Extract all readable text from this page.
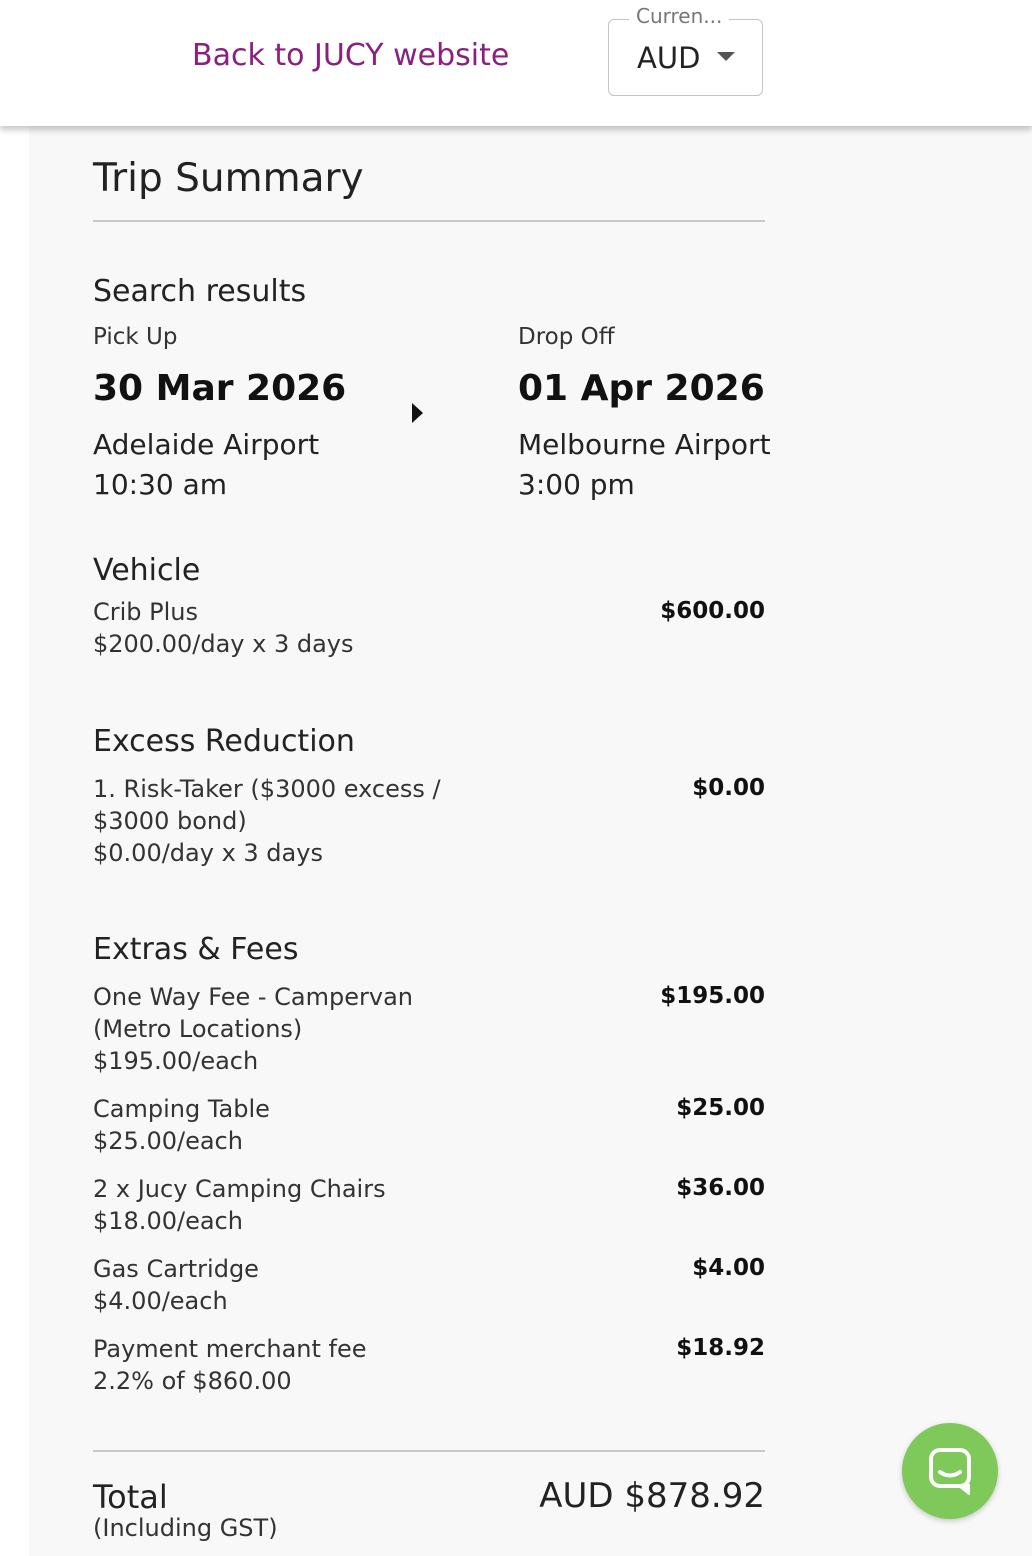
Back to JUCY website
Curren...
AUD
Trip Summary
Search results
Pick Up
30 Mar 2026
Adelaide Airport
10:30 am
Drop Off
01 Apr 2026
Melbourne Airport
3:00 pm
Vehicle
Crib Plus
$200.00/day x 3 days
$600.00
Excess Reduction
1. Risk-Taker ($3000 excess /
$3000 bond)
$0.00/day x 3 days
$0.00
Extras & Fees
One Way Fee - Campervan
(Metro Locations)
$195.00/each
$195.00
Camping Table
$25.00/each
$25.00
2 x Jucy Camping Chairs
$18.00/each
$36.00
Gas Cartridge
$4.00/each
$4.00
Payment merchant fee
2.2% of $860.00
$18.92
Total
(Including GST)
AUD $878.92
